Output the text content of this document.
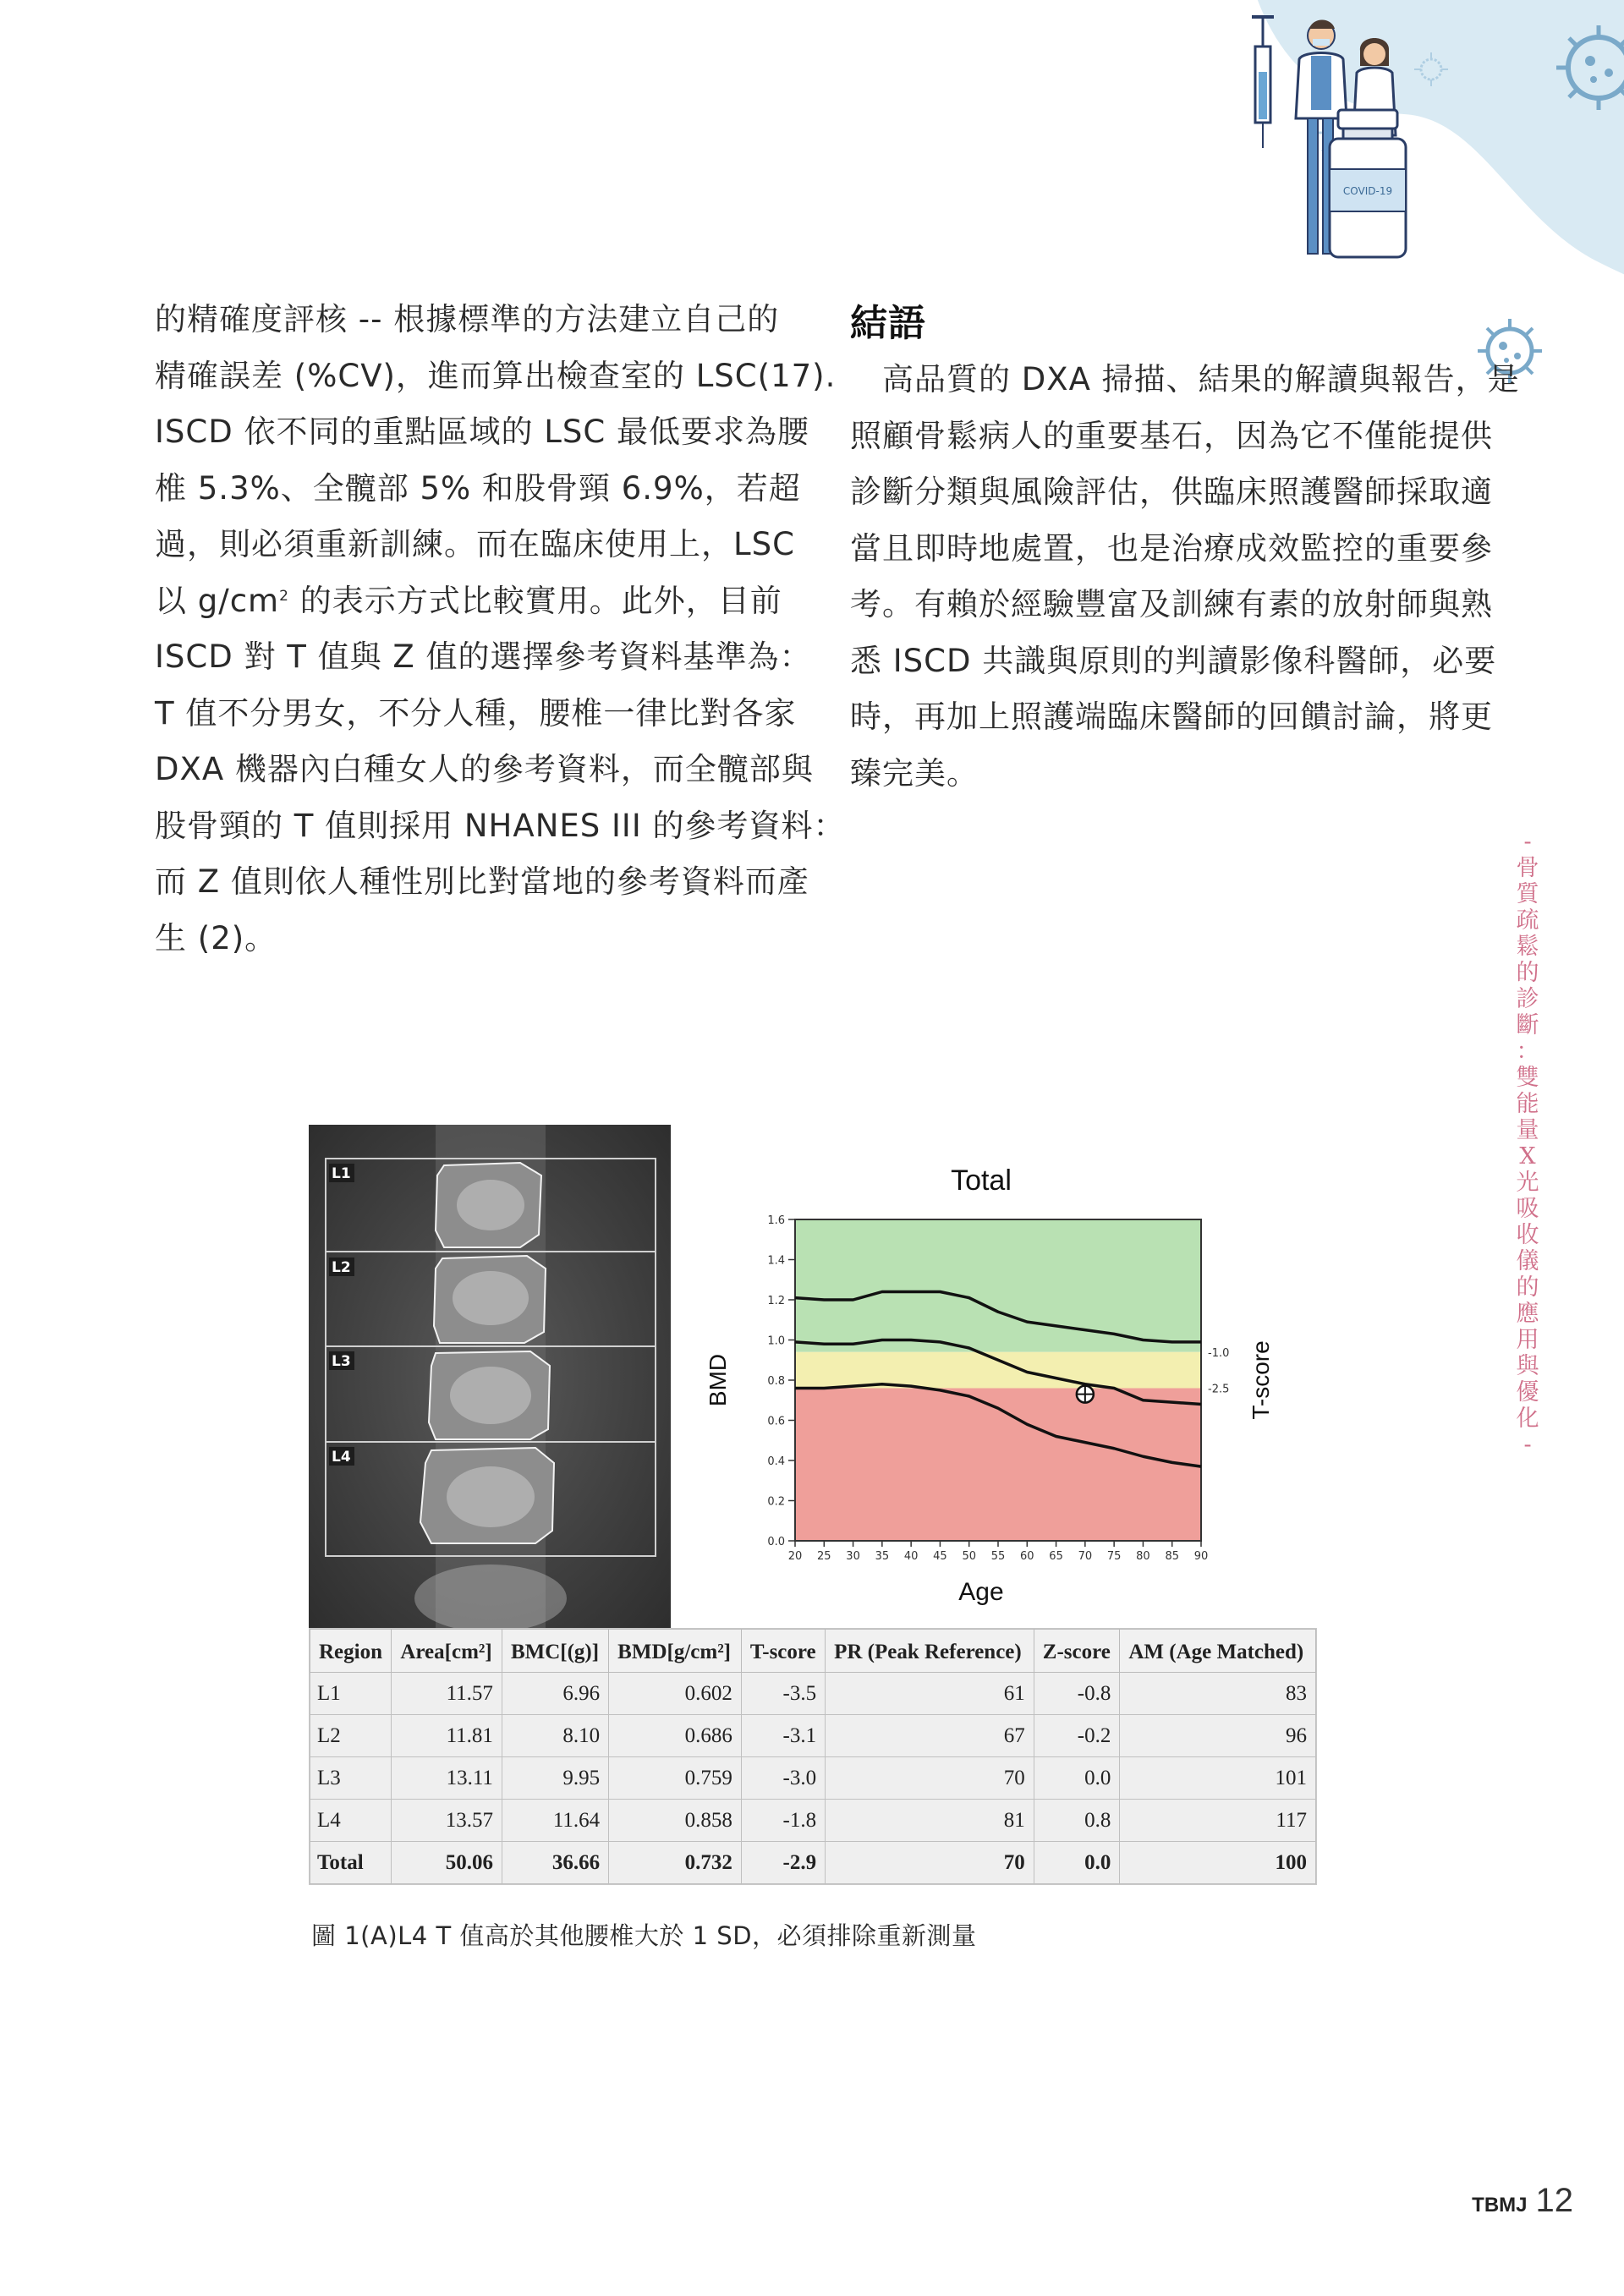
COVID-19
的精確度評核 -- 根據標準的方法建立自己的
精確誤差 (%CV)，進而算出檢查室的 LSC(17).
ISCD 依不同的重點區域的 LSC 最低要求為腰
椎 5.3%、全髖部 5% 和股骨頸 6.9%，若超
過，則必須重新訓練。而在臨床使用上，LSC
以 $g/cm^2$ 的表示方式比較實用。此外，目前
ISCD 對 T 值與 Z 值的選擇參考資料基準為：
T 值不分男女，不分人種，腰椎一律比對各家
DXA 機器內白種女人的參考資料，而全髖部與
股骨頸的 T 值則採用 NHANES III 的參考資料：
而 Z 值則依人種性別比對當地的參考資料而產
生 (2)。
結語
高品質的 DXA 掃描、結果的解讀與報告，是
照顧骨鬆病人的重要基石，因為它不僅能提供
診斷分類與風險評估，供臨床照護醫師採取適
當且即時地處置，也是治療成效監控的重要參
考。有賴於經驗豐富及訓練有素的放射師與熟
悉 ISCD 共識與原則的判讀影像科醫師，必要
時，再加上照護端臨床醫師的回饋討論，將更
臻完美。
-
骨
質
疏
鬆
的
診
斷
：
雙
能
量
X
光
吸
收
儀
的
應
用
與
優
化
-
L1
L2
L3
L4
0.0
0.2
0.4
0.6
0.8
1.0
1.2
1.4
1.6
20 25 30 35 40 45 50 55 60 65 70 75 80 85 90
-1.0
-2.5
Total
Age
BMD	T-score
Region	Area[cm²]	BMC[(g)]	BMD[g/cm²]	T-score	PR (Peak Reference)	Z-score	AM (Age Matched)
L1	11.57	6.96	0.602	-3.5	61	-0.8	83
L2	11.81	8.10	0.686	-3.1	67	-0.2	96
L3	13.11	9.95	0.759	-3.0	70	0.0	101
L4	13.57	11.64	0.858	-1.8	81	0.8	117
Total	50.06	36.66	0.732	-2.9	70	0.0	100
圖 1(A)L4 T 值高於其他腰椎大於 1 SD，必須排除重新測量
TBMJ 12
